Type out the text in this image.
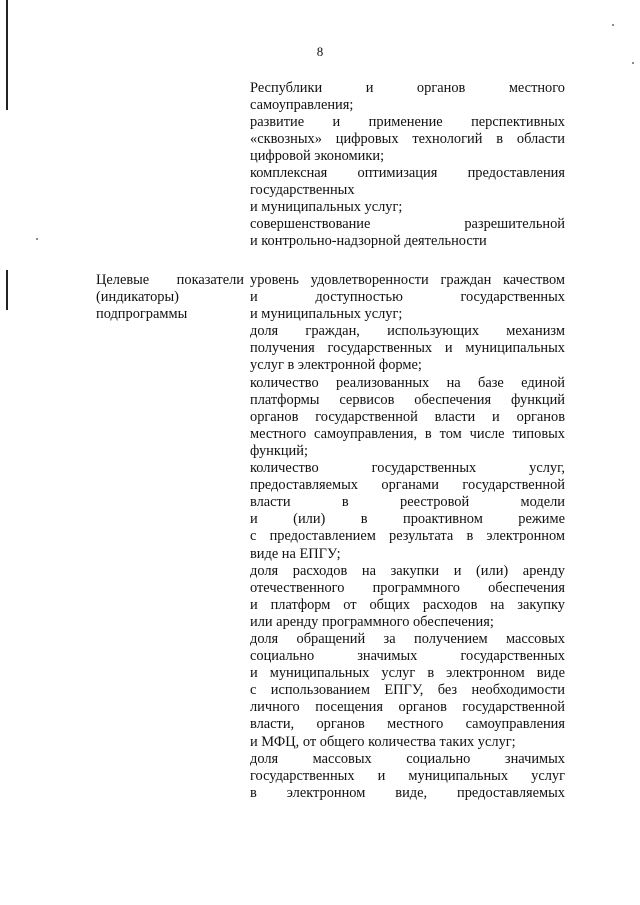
8
Республики и органов местного
самоуправления;
развитие и применение перспективных
«сквозных» цифровых технологий в области
цифровой экономики;
комплексная оптимизация предоставления
государственных
и муниципальных услуг;
совершенствование разрешительной
и контрольно-надзорной деятельности
Целевые показатели
(индикаторы)
подпрограммы
уровень удовлетворенности граждан качеством
и доступностью государственных
и муниципальных услуг;
доля граждан, использующих механизм
получения государственных и муниципальных
услуг в электронной форме;
количество реализованных на базе единой
платформы сервисов обеспечения функций
органов государственной власти и органов
местного самоуправления, в том числе типовых
функций;
количество государственных услуг,
предоставляемых органами государственной
власти в реестровой модели
и (или) в проактивном режиме
с предоставлением результата в электронном
виде на ЕПГУ;
доля расходов на закупки и (или) аренду
отечественного программного обеспечения
и платформ от общих расходов на закупку
или аренду программного обеспечения;
доля обращений за получением массовых
социально значимых государственных
и муниципальных услуг в электронном виде
с использованием ЕПГУ, без необходимости
личного посещения органов государственной
власти, органов местного самоуправления
и МФЦ, от общего количества таких услуг;
доля массовых социально значимых
государственных и муниципальных услуг
в электронном виде, предоставляемых
